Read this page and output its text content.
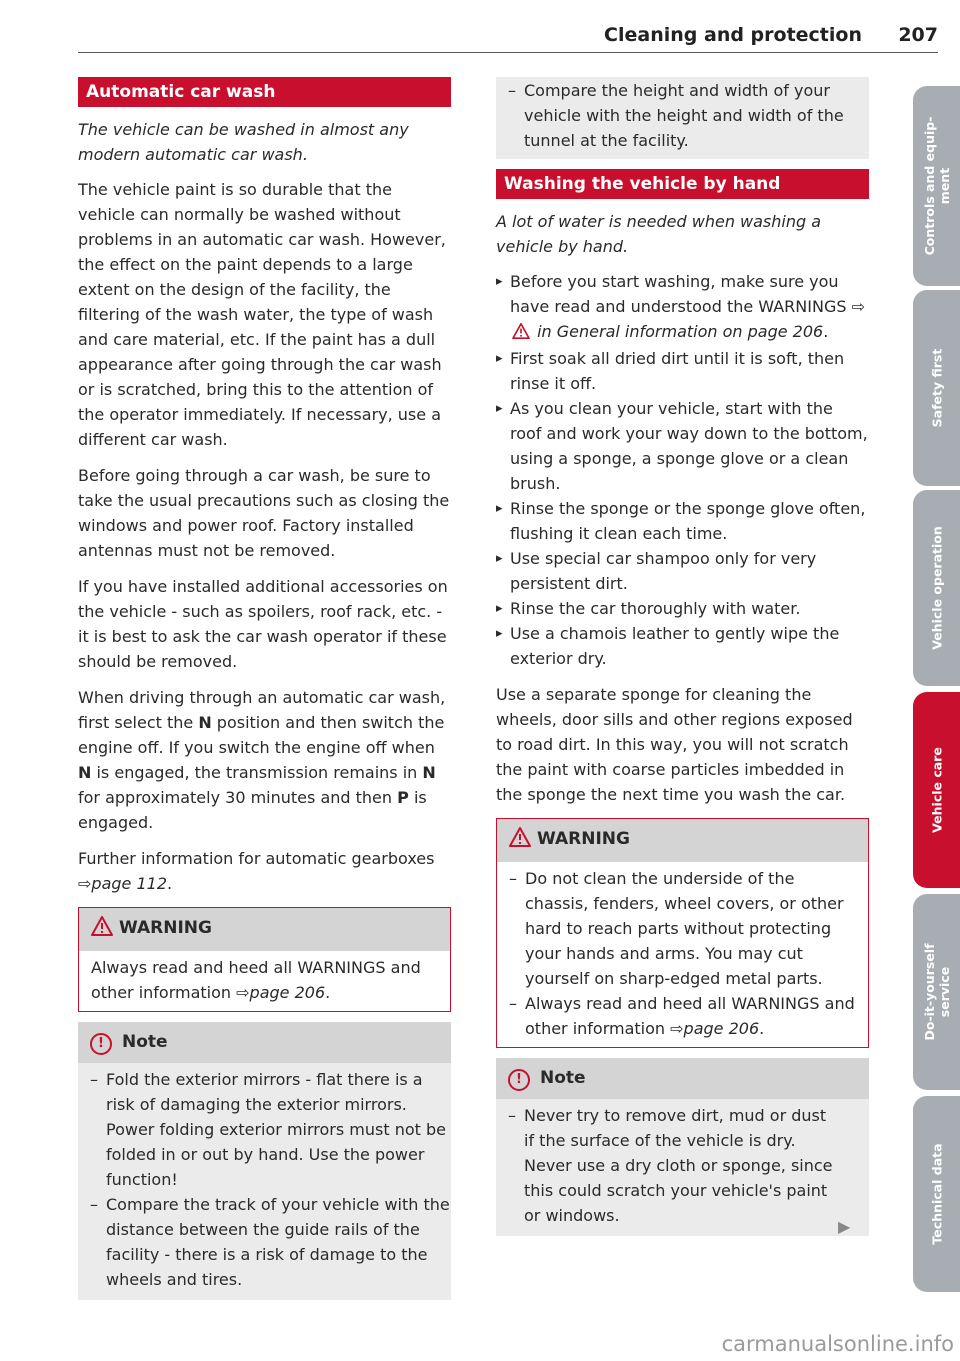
Cleaning and protection 207
Automatic car wash
The vehicle can be washed in almost any modern automatic car wash.

The vehicle paint is so durable that the vehicle can normally be washed without problems in an automatic car wash. However, the effect on the paint depends to a large extent on the design of the facility, the filtering of the wash water, the type of wash and care material, etc. If the paint has a dull appearance after going through the car wash or is scratched, bring this to the attention of the operator immediately. If necessary, use a different car wash.

Before going through a car wash, be sure to take the usual precautions such as closing the windows and power roof. Factory installed antennas must not be removed.

If you have installed additional accessories on the vehicle - such as spoilers, roof rack, etc. - it is best to ask the car wash operator if these should be removed.

When driving through an automatic car wash, first select the N position and then switch the engine off. If you switch the engine off when N is engaged, the transmission remains in N for approximately 30 minutes and then P is engaged.

Further information for automatic gearboxes
⇨page 112.

WARNING
Always read and heed all WARNINGS and other information ⇨page 206.
! Note
– Fold the exterior mirrors - flat there is a risk of damaging the exterior mirrors. Power folding exterior mirrors must not be folded in or out by hand. Use the power function!
– Compare the track of your vehicle with the distance between the guide rails of the facility - there is a risk of damage to the wheels and tires.
– Compare the height and width of your vehicle with the height and width of the tunnel at the facility.
Washing the vehicle by hand
A lot of water is needed when washing a vehicle by hand.
▸ Before you start washing, make sure you have read and understood the WARNINGS ⇨  in General information on page 206.
▸ First soak all dried dirt until it is soft, then rinse it off.
▸ As you clean your vehicle, start with the roof and work your way down to the bottom, using a sponge, a sponge glove or a clean brush.
▸ Rinse the sponge or the sponge glove often, flushing it clean each time.
▸ Use special car shampoo only for very persistent dirt.
▸ Rinse the car thoroughly with water.
▸ Use a chamois leather to gently wipe the exterior dry.

Use a separate sponge for cleaning the wheels, door sills and other regions exposed to road dirt. In this way, you will not scratch the paint with coarse particles imbedded in the sponge the next time you wash the car.

WARNING
– Do not clean the underside of the chassis, fenders, wheel covers, or other hard to reach parts without protecting your hands and arms. You may cut yourself on sharp-edged metal parts.
– Always read and heed all WARNINGS and other information ⇨page 206.
! Note
– Never try to remove dirt, mud or dust if the surface of the vehicle is dry. Never use a dry cloth or sponge, since this could scratch your vehicle's paint or windows.
▶
Controls and equip-
ment
Safety first
Vehicle operation
Vehicle care
Do-it-yourself
service
Technical data
carmanualsonline.info
